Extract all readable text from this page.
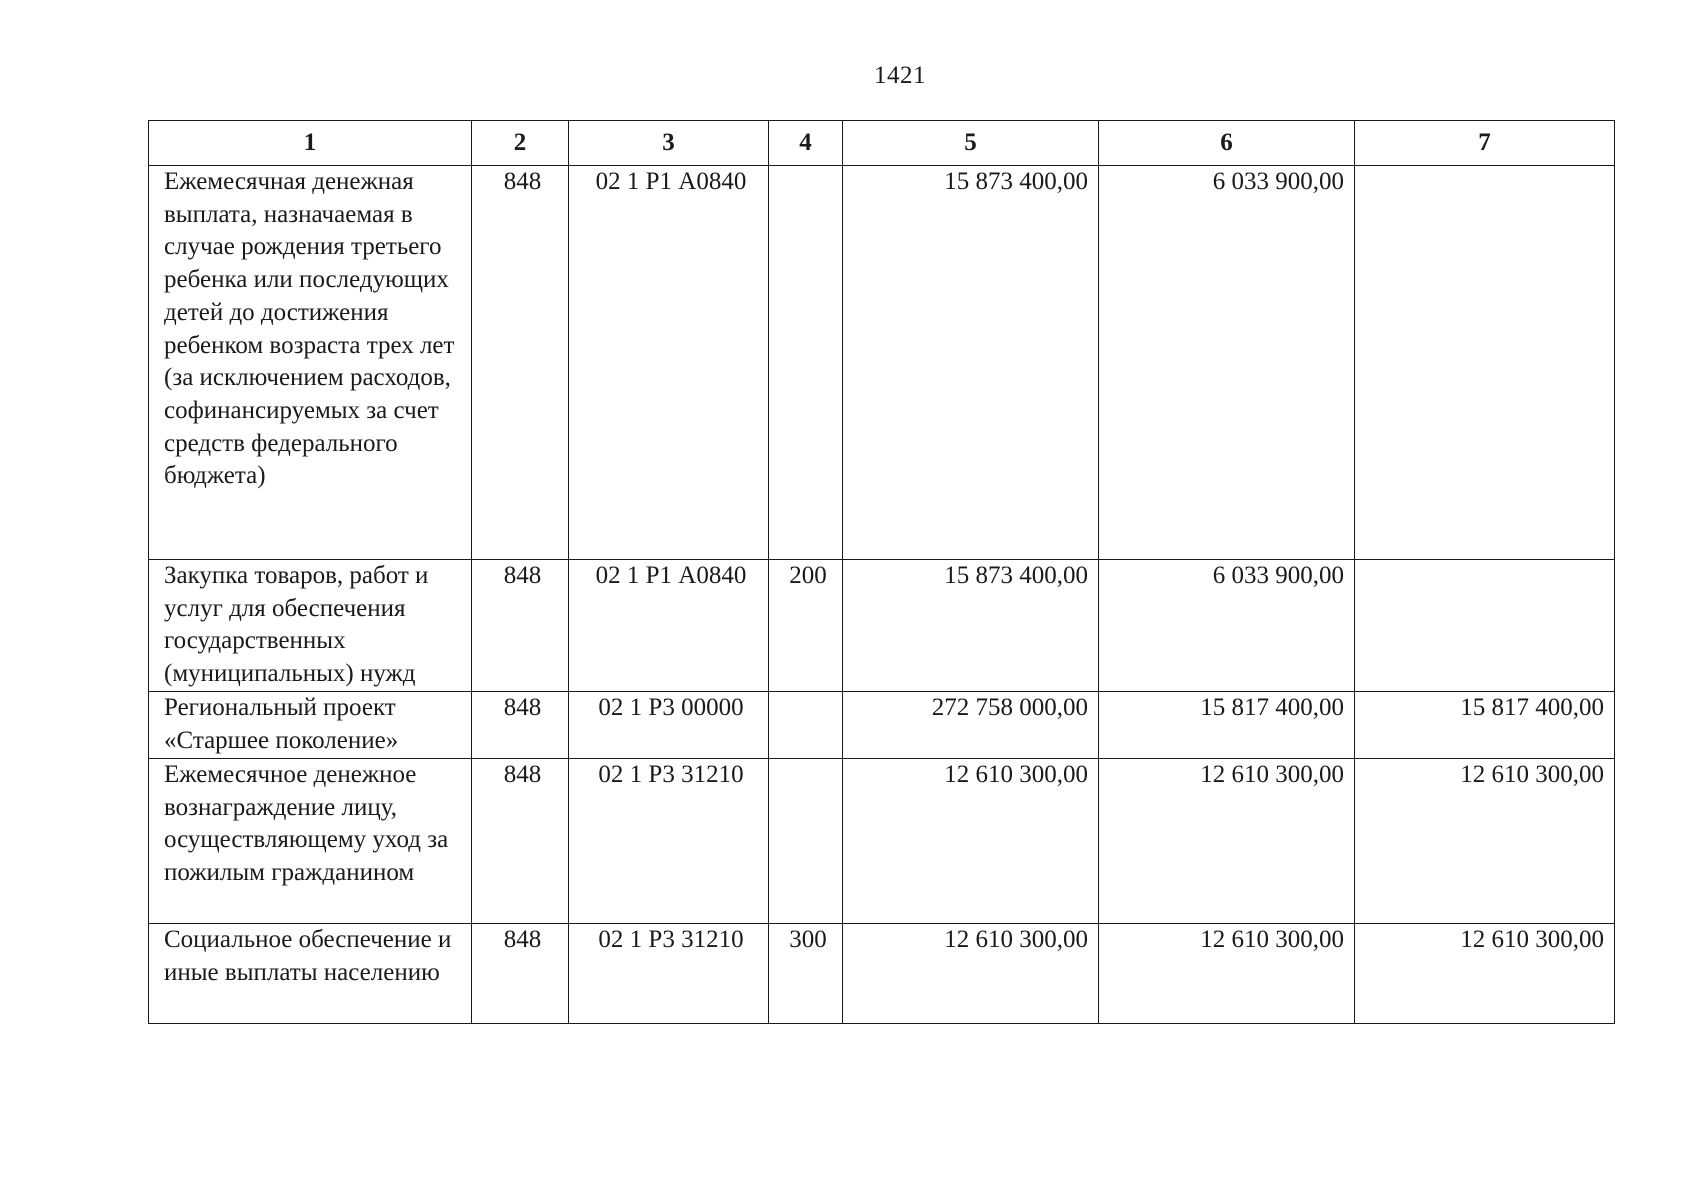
1421
1	2	3	4	5	6	7
Ежемесячная денежная выплата, назначаемая в случае рождения третьего ребенка или последующих детей до достижения ребенком возраста трех лет (за исключением расходов, софинансируемых за счет средств федерального бюджета)	848	02 1 Р1 А0840		15 873 400,00	6 033 900,00	
Закупка товаров, работ и услуг для обеспечения государственных (муниципальных) нужд	848	02 1 Р1 А0840	200	15 873 400,00	6 033 900,00	
Региональный проект «Старшее поколение»	848	02 1 Р3 00000		272 758 000,00	15 817 400,00	15 817 400,00
Ежемесячное денежное вознаграждение лицу, осуществляющему уход за пожилым гражданином	848	02 1 Р3 31210		12 610 300,00	12 610 300,00	12 610 300,00
Социальное обеспечение и иные выплаты населению	848	02 1 Р3 31210	300	12 610 300,00	12 610 300,00	12 610 300,00
